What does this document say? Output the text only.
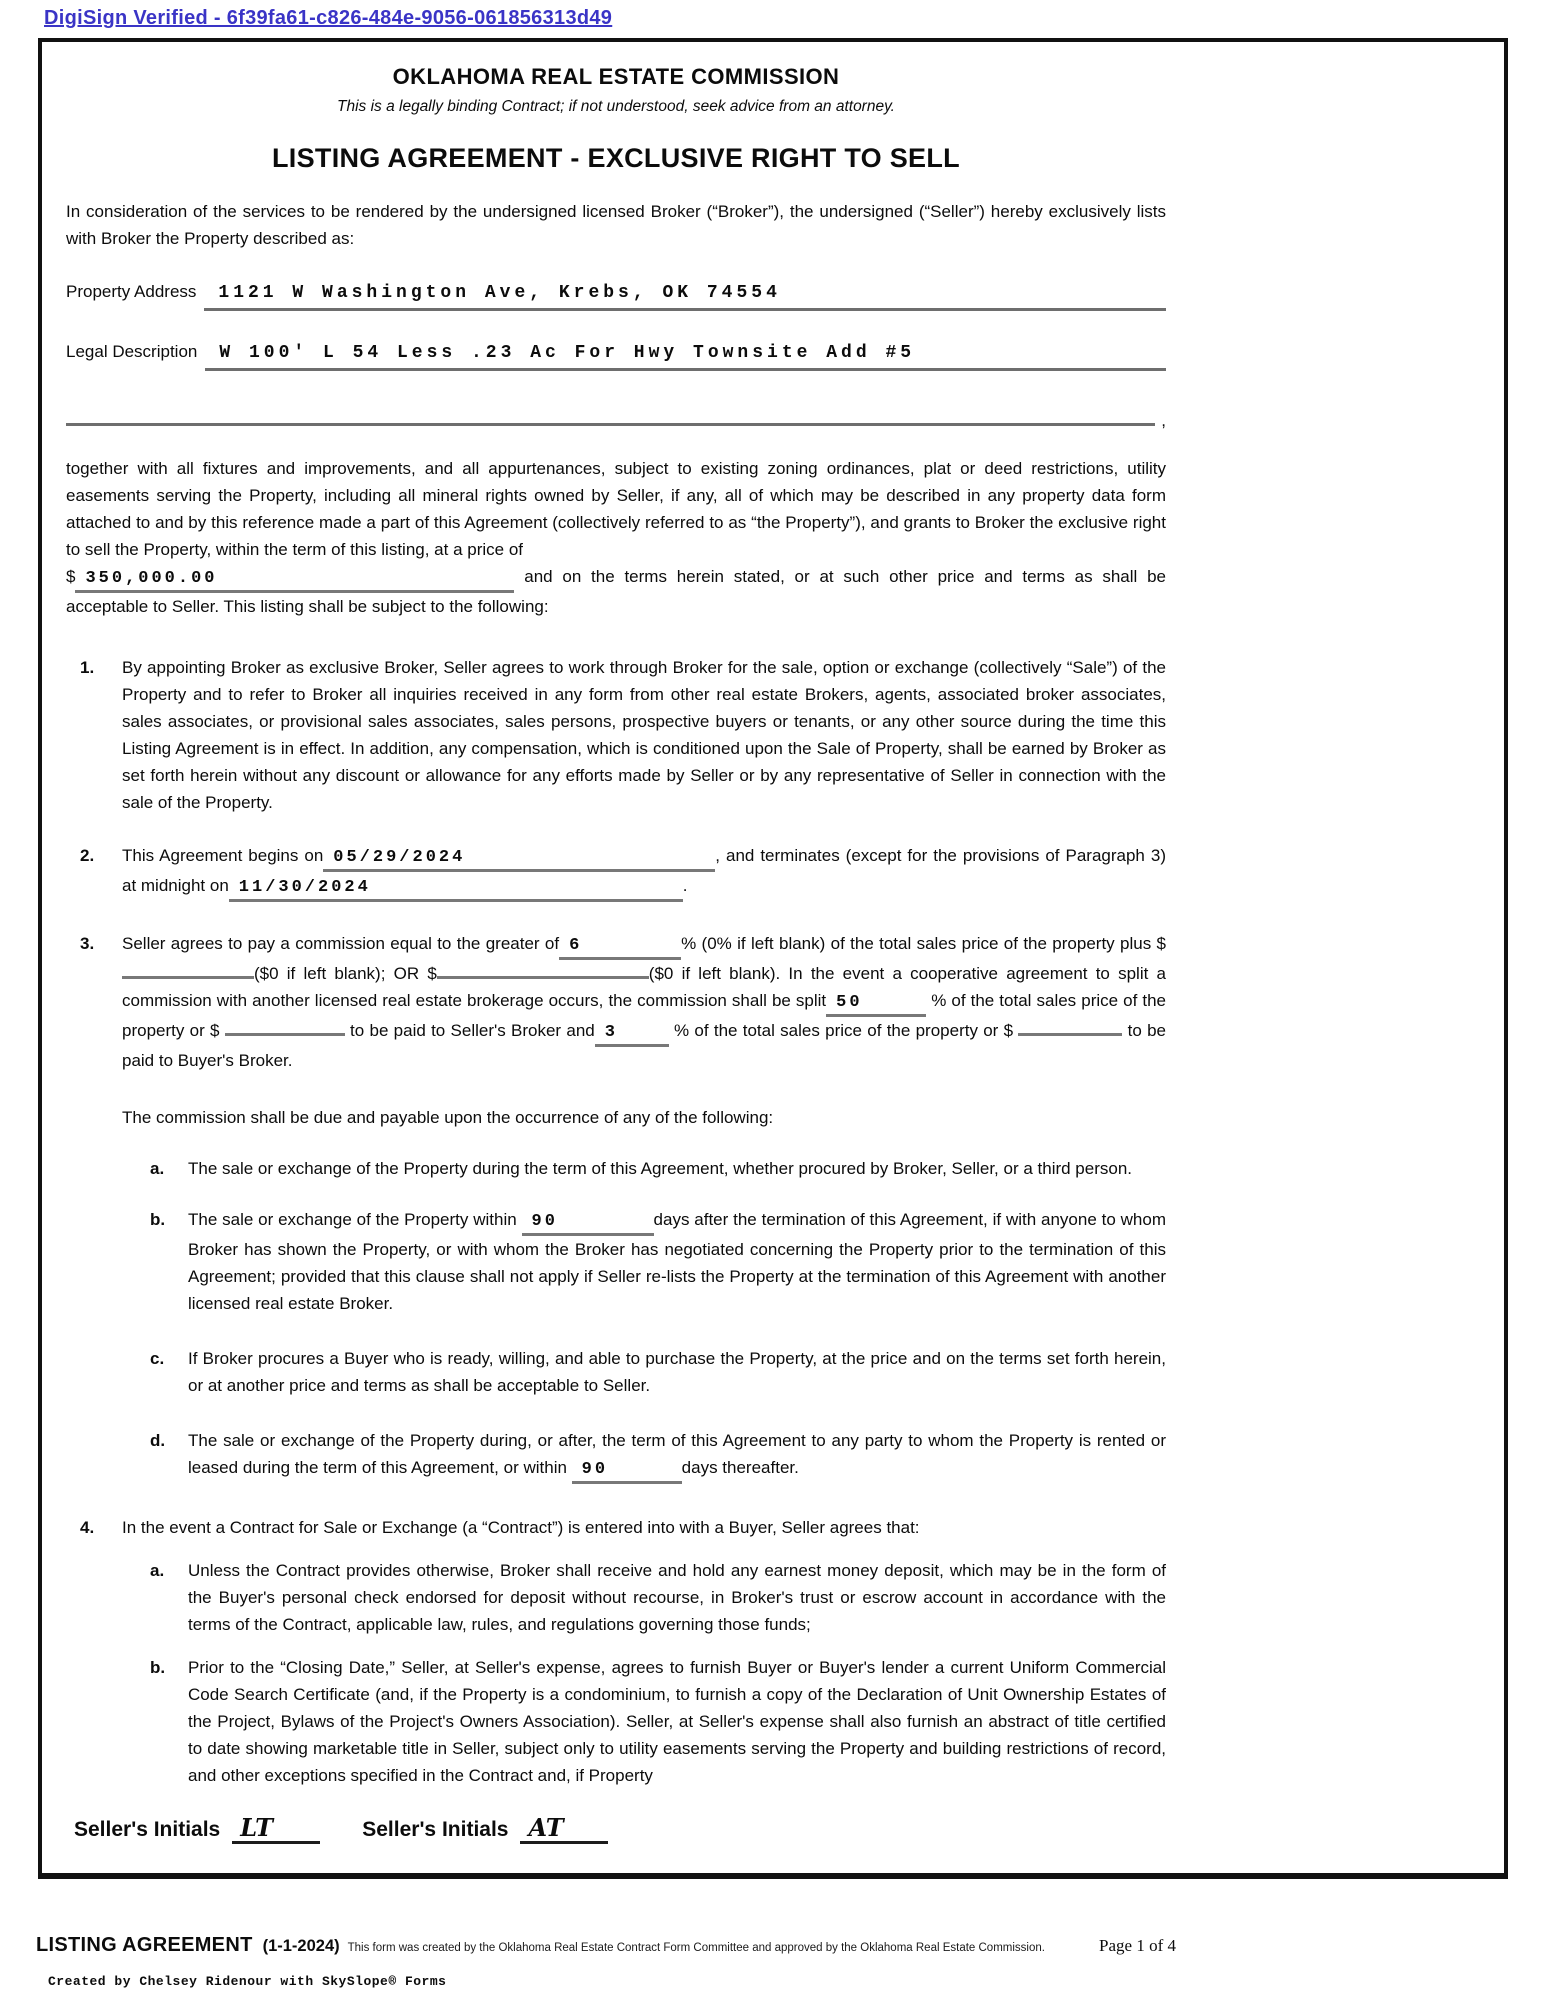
DigiSign Verified - 6f39fa61-c826-484e-9056-061856313d49
OKLAHOMA REAL ESTATE COMMISSION
This is a legally binding Contract; if not understood, seek advice from an attorney.
LISTING AGREEMENT - EXCLUSIVE RIGHT TO SELL
In consideration of the services to be rendered by the undersigned licensed Broker (“Broker”), the undersigned (“Seller”) hereby exclusively lists with Broker the Property described as:
Property Address	1121 W Washington Ave, Krebs, OK 74554
Legal Description	W 100' L 54 Less .23 Ac For Hwy Townsite Add #5
,
together with all fixtures and improvements, and all appurtenances, subject to existing zoning ordinances, plat or deed restrictions, utility easements serving the Property, including all mineral rights owned by Seller, if any, all of which may be described in any property data form attached to and by this reference made a part of this Agreement (collectively referred to as “the Property”), and grants to Broker the exclusive right to sell the Property, within the term of this listing, at a price of
$ 350,000.00	and on the terms herein stated, or at such other price and terms as shall be acceptable to Seller. This listing shall be subject to the following:
1.	By appointing Broker as exclusive Broker, Seller agrees to work through Broker for the sale, option or exchange (collectively “Sale”) of the Property and to refer to Broker all inquiries received in any form from other real estate Brokers, agents, associated broker associates, sales associates, or provisional sales associates, sales persons, prospective buyers or tenants, or any other source during the time this Listing Agreement is in effect. In addition, any compensation, which is conditioned upon the Sale of Property, shall be earned by Broker as set forth herein without any discount or allowance for any efforts made by Seller or by any representative of Seller in connection with the sale of the Property.
2.	This Agreement begins on 05/29/2024	, and terminates (except for the provisions of Paragraph 3) at midnight on 11/30/2024	.
3.	Seller agrees to pay a commission equal to the greater of 6	% (0% if left blank) of the total sales price of the property plus $($0 if left blank); OR $	($0 if left blank). In the event a cooperative agreement to split a commission with another licensed real estate brokerage occurs, the commission shall be split 50	% of the total sales price of the property or $	to be paid to Seller's Broker and 3	% of the total sales price of the property or $	to be paid to Buyer's Broker.
The commission shall be due and payable upon the occurrence of any of the following:
a.	The sale or exchange of the Property during the term of this Agreement, whether procured by Broker, Seller, or a third person.
b.	The sale or exchange of the Property within 90	days after the termination of this Agreement, if with anyone to whom Broker has shown the Property, or with whom the Broker has negotiated concerning the Property prior to the termination of this Agreement; provided that this clause shall not apply if Seller re-lists the Property at the termination of this Agreement with another licensed real estate Broker.
c.	If Broker procures a Buyer who is ready, willing, and able to purchase the Property, at the price and on the terms set forth herein, or at another price and terms as shall be acceptable to Seller.
d.	The sale or exchange of the Property during, or after, the term of this Agreement to any party to whom the Property is rented or leased during the term of this Agreement, or within 90	days thereafter.
4.	In the event a Contract for Sale or Exchange (a “Contract”) is entered into with a Buyer, Seller agrees that:
a.	Unless the Contract provides otherwise, Broker shall receive and hold any earnest money deposit, which may be in the form of the Buyer's personal check endorsed for deposit without recourse, in Broker's trust or escrow account in accordance with the terms of the Contract, applicable law, rules, and regulations governing those funds;
b.	Prior to the “Closing Date,” Seller, at Seller's expense, agrees to furnish Buyer or Buyer's lender a current Uniform Commercial Code Search Certificate (and, if the Property is a condominium, to furnish a copy of the Declaration of Unit Ownership Estates of the Project, Bylaws of the Project's Owners Association). Seller, at Seller's expense shall also furnish an abstract of title certified to date showing marketable title in Seller, subject only to utility easements serving the Property and building restrictions of record, and other exceptions specified in the Contract and, if Property
Seller's Initials LT	Seller's Initials AT
LISTING AGREEMENT (1-1-2024) This form was created by the Oklahoma Real Estate Contract Form Committee and approved by the Oklahoma Real Estate Commission.	Page 1 of 4
Created by Chelsey Ridenour with SkySlope® Forms
